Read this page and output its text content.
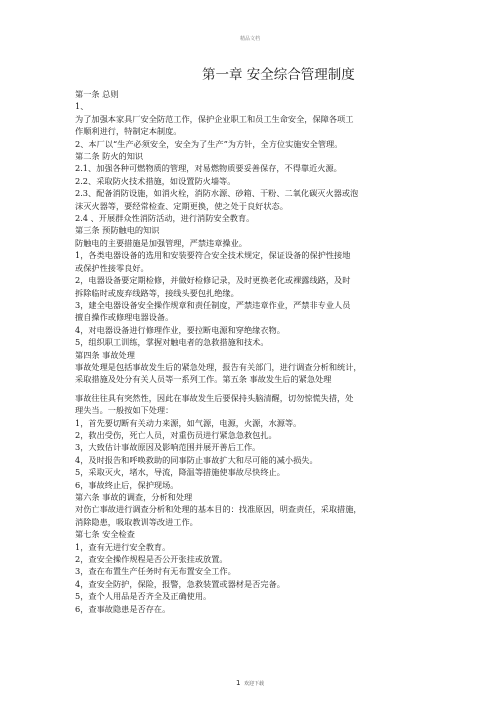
精品文档
第一章 安全综合管理制度
第一条 总则
1、
为了加强本家具厂安全防范工作，保护企业职工和员工生命安全，保障各项工
作顺利进行，特制定本制度。
2、本厂以“生产必须安全，安全为了生产”为方针，全方位实施安全管理。
第二条 防火的知识
2.1、加强各种可燃物质的管理，对易燃物质要妥善保存，不得靠近火源。
2.2、采取防火技术措施，如设置防火墙等。
2.3、配备消防设施，如消火栓，消防水源、砂箱、干粉、二氧化碳灭火器或泡
沫灭火器等，要经常检查、定期更换，使之处于良好状态。
2.4 、开展群众性消防活动，进行消防安全教育。
第三条 预防触电的知识
防触电的主要措施是加强管理，严禁违章操业。
1，各类电器设备的选用和安装要符合安全技术规定，保证设备的保护性接地
或保护性接零良好。
2，电器设备要定期检修，并做好检修记录，及时更换老化或裸露线路，及时
拆除临时或废弃线路等，接线头要包扎绝缘。
3，建全电器设备安全操作规章和责任制度，严禁违章作业，严禁非专业人员
擅自操作或修理电器设备。
4，对电器设备进行修理作业，要拉断电源和穿绝缘衣物。
5，组织职工训练，掌握对触电者的急救措施和技术。
第四条 事故处理
事故处理是包括事故发生后的紧急处理，报告有关部门，进行调查分析和统计，
采取措施及处分有关人员等一系列工作。第五条 事故发生后的紧急处理
事故往往具有突然性，因此在事故发生后要保持头脑清醒，切勿惊慌失措，处
理失当。一般按如下处理：
1，首先要切断有关动力来源，如气源，电源，火源，水源等。
2，救出受伤，死亡人员，对重伤员进行紧急急救包扎。
3，大致估计事故原因及影响范围并展开善后工作。
4，及时报告和呼唤救助的同事防止事故扩大和尽可能的减小损失。
5，采取灭火，堵水，导流，降温等措施使事故尽快终止。
6，事故终止后，保护现场。
第六条 事故的调查，分析和处理
对伤亡事故进行调查分析和处理的基本目的：找准原因，明查责任，采取措施，
消除隐患，吸取教训等改进工作。
第七条 安全检查
1，查有无进行安全教育。
2，查安全操作规程是否公开张挂或放置。
3，查在布置生产任务时有无布置安全工作。
4，查安全防护，保险，报警，急救装置或器材是否完备。
5，查个人用品是否齐全及正确使用。
6，查事故隐患是否存在。
1 欢迎下载
